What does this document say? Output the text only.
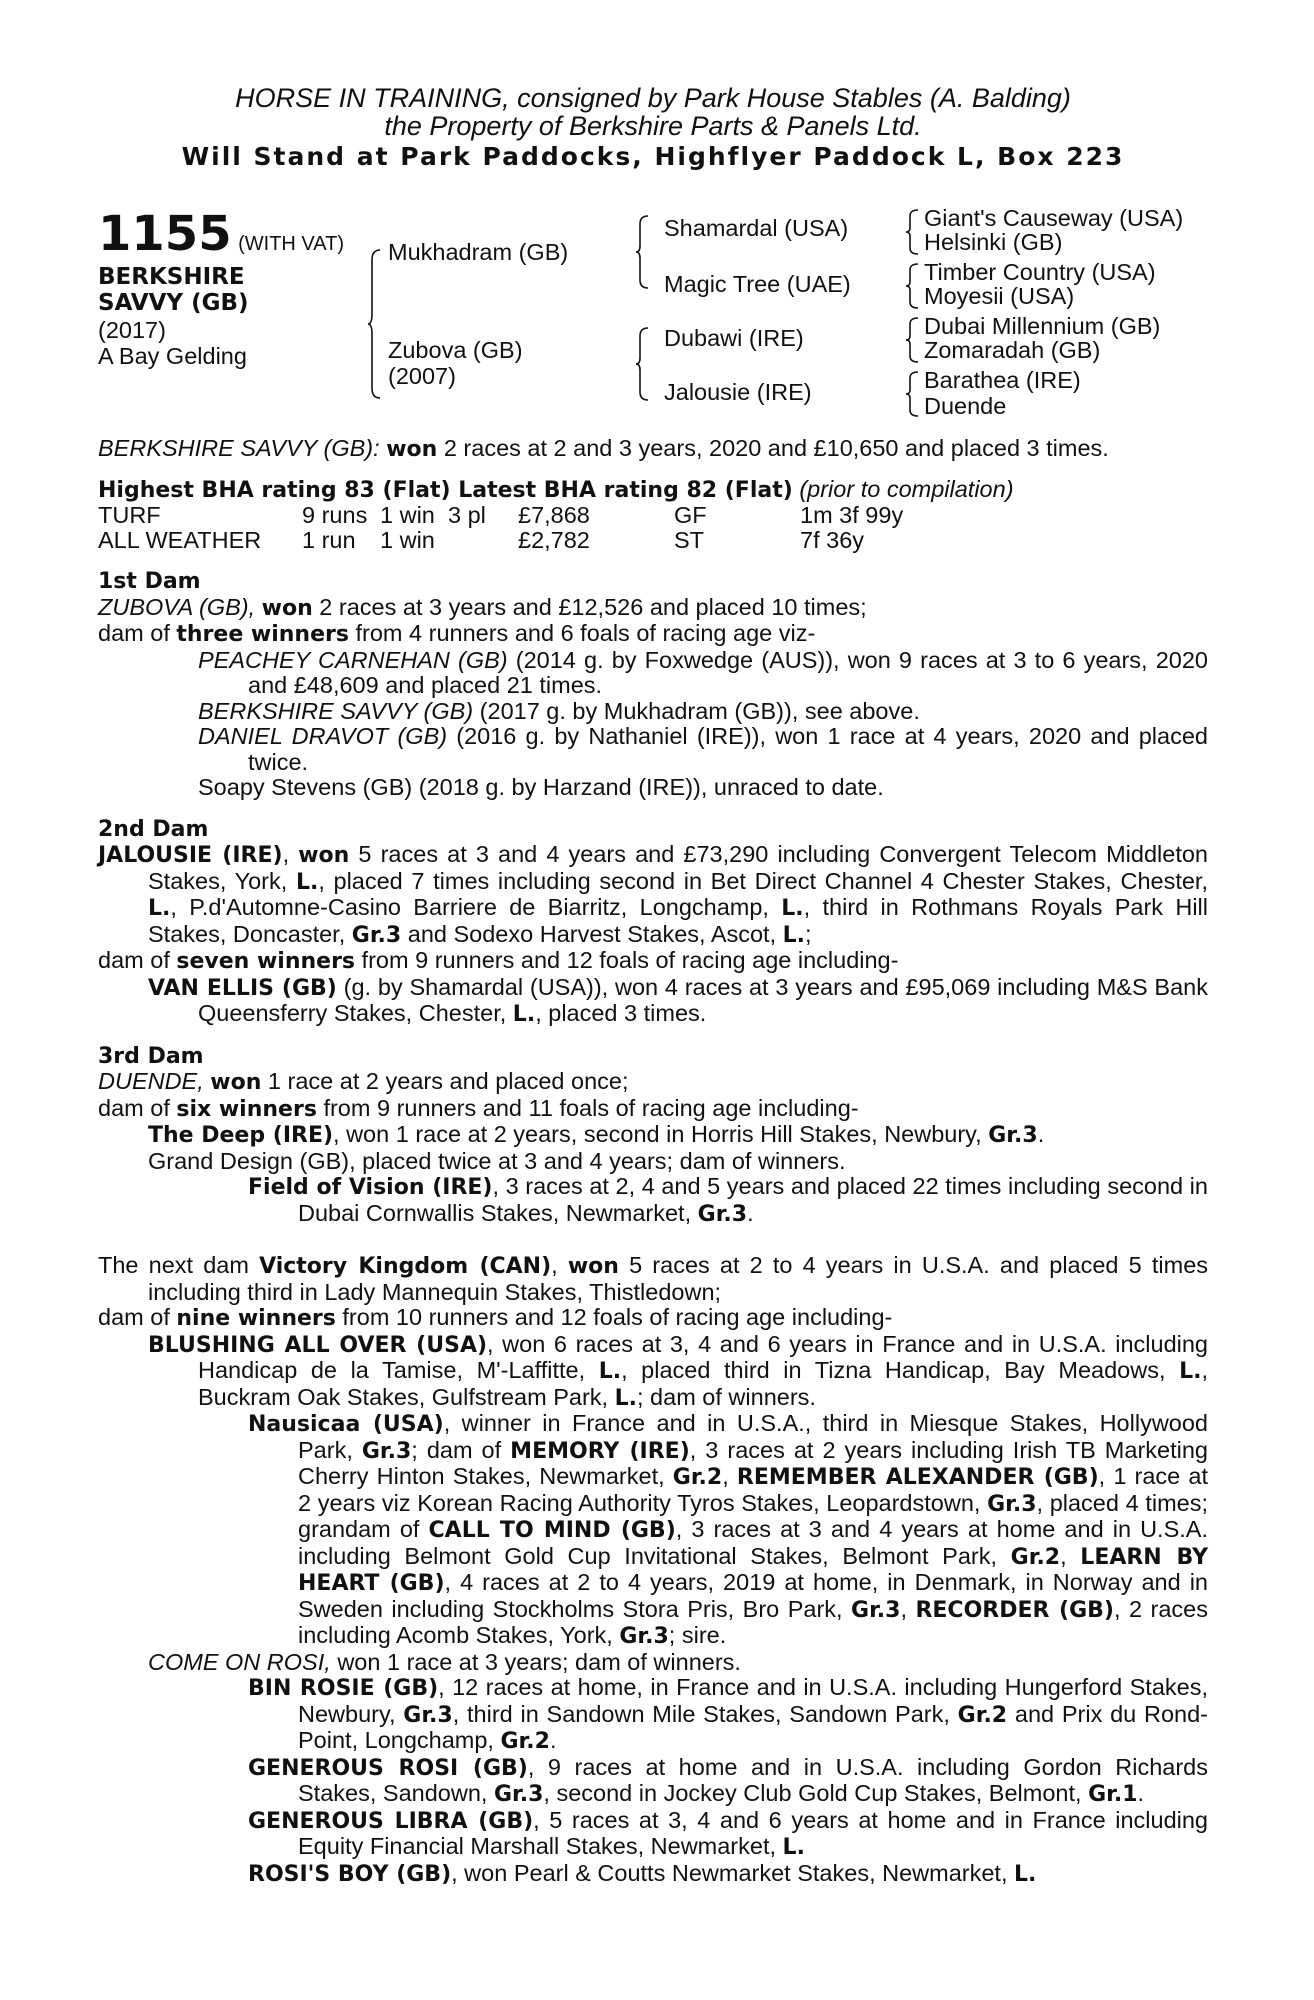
HORSE IN TRAINING, consigned by Park House Stables (A. Balding)
the Property of Berkshire Parts & Panels Ltd.
Will Stand at Park Paddocks, Highflyer Paddock L, Box 223
1155 (WITH VAT)
BERKSHIRE
SAVVY (GB)
(2017)
A Bay Gelding
Mukhadram (GB)
Zubova (GB)
(2007)
Shamardal (USA)
Magic Tree (UAE)
Dubawi (IRE)
Jalousie (IRE)
Giant's Causeway (USA)
Helsinki (GB)
Timber Country (USA)
Moyesii (USA)
Dubai Millennium (GB)
Zomaradah (GB)
Barathea (IRE)
Duende

BERKSHIRE SAVVY (GB): won 2 races at 2 and 3 years, 2020 and £10,650 and placed 3 times.

Highest BHA rating 83 (Flat) Latest BHA rating 82 (Flat) (prior to compilation)
TURF	9 runs	1 win	3 pl	£7,868	GF	1m 3f 99y
ALL WEATHER	1 run	1 win		£2,782	ST	7f 36y
1st Dam

ZUBOVA (GB), won 2 races at 3 years and £12,526 and placed 10 times;

dam of three winners from 4 runners and 6 foals of racing age viz-

PEACHEY CARNEHAN (GB) (2014 g. by Foxwedge (AUS)), won 9 races at 3 to 6 years, 2020 and £48,609 and placed 21 times.

BERKSHIRE SAVVY (GB) (2017 g. by Mukhadram (GB)), see above.

DANIEL DRAVOT (GB) (2016 g. by Nathaniel (IRE)), won 1 race at 4 years, 2020 and placed twice.

Soapy Stevens (GB) (2018 g. by Harzand (IRE)), unraced to date.

2nd Dam

JALOUSIE (IRE), won 5 races at 3 and 4 years and £73,290 including Convergent Telecom Middleton Stakes, York, L., placed 7 times including second in Bet Direct Channel 4 Chester Stakes, Chester, L., P.d'Automne-Casino Barriere de Biarritz, Longchamp, L., third in Rothmans Royals Park Hill Stakes, Doncaster, Gr.3 and Sodexo Harvest Stakes, Ascot, L.;

dam of seven winners from 9 runners and 12 foals of racing age including-

VAN ELLIS (GB) (g. by Shamardal (USA)), won 4 races at 3 years and £95,069 including M&S Bank Queensferry Stakes, Chester, L., placed 3 times.

3rd Dam

DUENDE, won 1 race at 2 years and placed once;

dam of six winners from 9 runners and 11 foals of racing age including-

The Deep (IRE), won 1 race at 2 years, second in Horris Hill Stakes, Newbury, Gr.3.

Grand Design (GB), placed twice at 3 and 4 years; dam of winners.

Field of Vision (IRE), 3 races at 2, 4 and 5 years and placed 22 times including second in Dubai Cornwallis Stakes, Newmarket, Gr.3.

The next dam Victory Kingdom (CAN), won 5 races at 2 to 4 years in U.S.A. and placed 5 times including third in Lady Mannequin Stakes, Thistledown;

dam of nine winners from 10 runners and 12 foals of racing age including-

BLUSHING ALL OVER (USA), won 6 races at 3, 4 and 6 years in France and in U.S.A. including Handicap de la Tamise, M'-Laffitte, L., placed third in Tizna Handicap, Bay Meadows, L., Buckram Oak Stakes, Gulfstream Park, L.; dam of winners.

Nausicaa (USA), winner in France and in U.S.A., third in Miesque Stakes, Hollywood Park, Gr.3; dam of MEMORY (IRE), 3 races at 2 years including Irish TB Marketing Cherry Hinton Stakes, Newmarket, Gr.2, REMEMBER ALEXANDER (GB), 1 race at 2 years viz Korean Racing Authority Tyros Stakes, Leopardstown, Gr.3, placed 4 times; grandam of CALL TO MIND (GB), 3 races at 3 and 4 years at home and in U.S.A. including Belmont Gold Cup Invitational Stakes, Belmont Park, Gr.2, LEARN BY HEART (GB), 4 races at 2 to 4 years, 2019 at home, in Denmark, in Norway and in Sweden including Stockholms Stora Pris, Bro Park, Gr.3, RECORDER (GB), 2 races including Acomb Stakes, York, Gr.3; sire.

COME ON ROSI, won 1 race at 3 years; dam of winners.

BIN ROSIE (GB), 12 races at home, in France and in U.S.A. including Hungerford Stakes, Newbury, Gr.3, third in Sandown Mile Stakes, Sandown Park, Gr.2 and Prix du Rond-Point, Longchamp, Gr.2.

GENEROUS ROSI (GB), 9 races at home and in U.S.A. including Gordon Richards Stakes, Sandown, Gr.3, second in Jockey Club Gold Cup Stakes, Belmont, Gr.1.

GENEROUS LIBRA (GB), 5 races at 3, 4 and 6 years at home and in France including Equity Financial Marshall Stakes, Newmarket, L.

ROSI'S BOY (GB), won Pearl & Coutts Newmarket Stakes, Newmarket, L.
